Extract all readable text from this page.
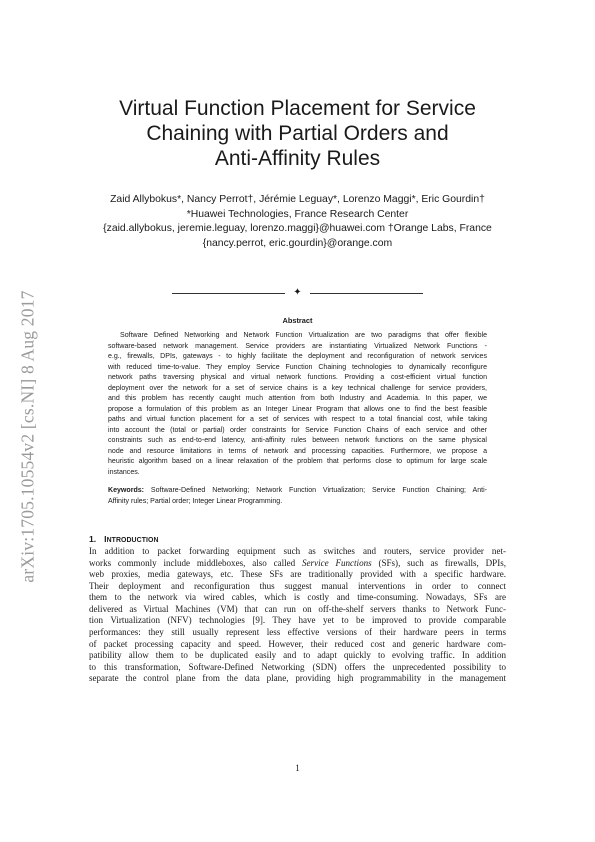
arXiv:1705.10554v2 [cs.NI] 8 Aug 2017
Virtual Function Placement for Service
Chaining with Partial Orders and
Anti-Affinity Rules
Zaid Allybokus*, Nancy Perrot†, Jérémie Leguay*, Lorenzo Maggi*, Eric Gourdin†
*Huawei Technologies, France Research Center
{zaid.allybokus, jeremie.leguay, lorenzo.maggi}@huawei.com †Orange Labs, France
{nancy.perrot, eric.gourdin}@orange.com
✦
Abstract
Software Defined Networking and Network Function Virtualization are two paradigms that offer flexible
software-based network management. Service providers are instantiating Virtualized Network Functions -
e.g., firewalls, DPIs, gateways - to highly facilitate the deployment and reconfiguration of network services
with reduced time-to-value. They employ Service Function Chaining technologies to dynamically reconfigure
network paths traversing physical and virtual network functions. Providing a cost-efficient virtual function
deployment over the network for a set of service chains is a key technical challenge for service providers,
and this problem has recently caught much attention from both Industry and Academia. In this paper, we
propose a formulation of this problem as an Integer Linear Program that allows one to find the best feasible
paths and virtual function placement for a set of services with respect to a total financial cost, while taking
into account the (total or partial) order constraints for Service Function Chains of each service and other
constraints such as end-to-end latency, anti-affinity rules between network functions on the same physical
node and resource limitations in terms of network and processing capacities. Furthermore, we propose a
heuristic algorithm based on a linear relaxation of the problem that performs close to optimum for large scale
instances.
Keywords: Software-Defined Networking; Network Function Virtualization; Service Function Chaining; Anti-
Affinity rules; Partial order; Integer Linear Programming.
1. INTRODUCTION
In addition to packet forwarding equipment such as switches and routers, service provider net-
works commonly include middleboxes, also called Service Functions (SFs), such as firewalls, DPIs,
web proxies, media gateways, etc. These SFs are traditionally provided with a specific hardware.
Their deployment and reconfiguration thus suggest manual interventions in order to connect
them to the network via wired cables, which is costly and time-consuming. Nowadays, SFs are
delivered as Virtual Machines (VM) that can run on off-the-shelf servers thanks to Network Func-
tion Virtualization (NFV) technologies [9]. They have yet to be improved to provide comparable
performances: they still usually represent less effective versions of their hardware peers in terms
of packet processing capacity and speed. However, their reduced cost and generic hardware com-
patibility allow them to be duplicated easily and to adapt quickly to evolving traffic. In addition
to this transformation, Software-Defined Networking (SDN) offers the unprecedented possibility to
separate the control plane from the data plane, providing high programmability in the management
1
